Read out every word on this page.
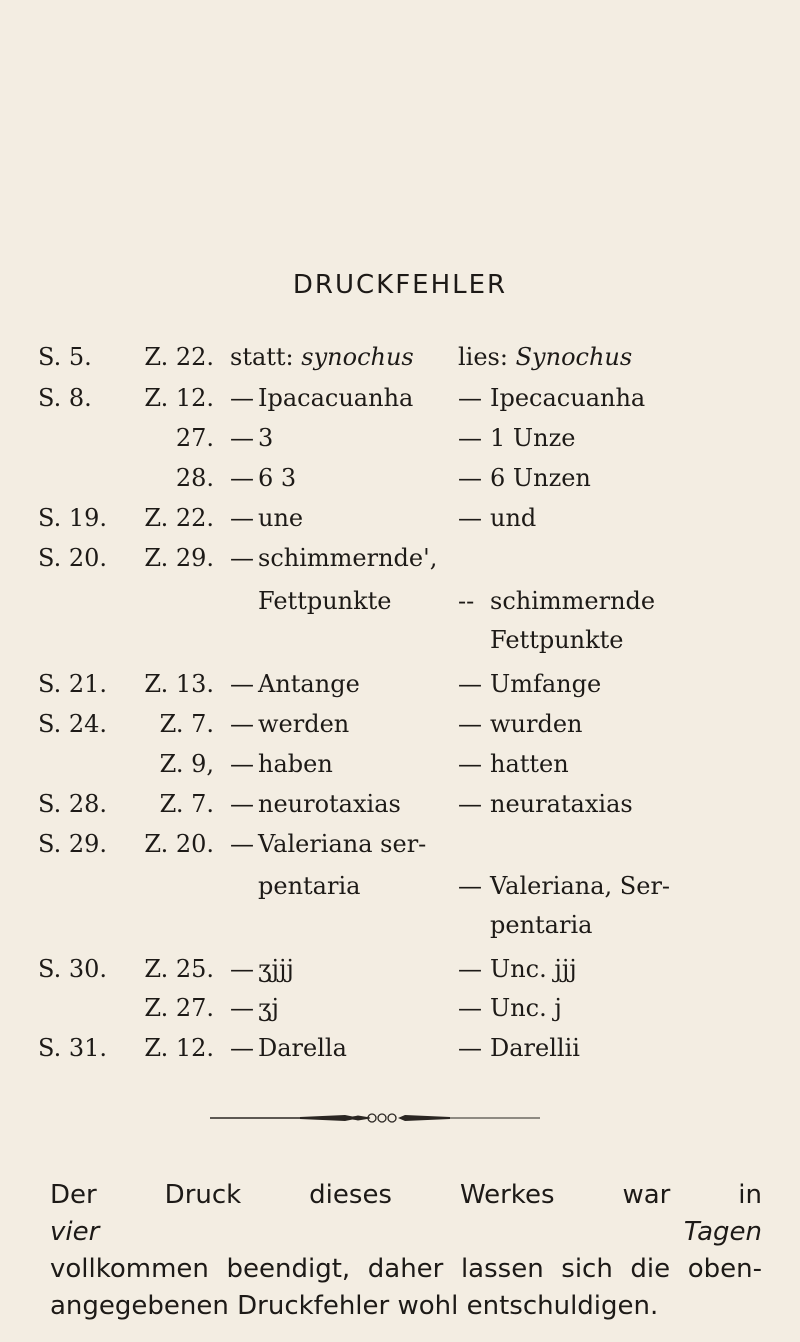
DRUCKFEHLER
S. 5.	Z. 22. statt: synochus lies: Synochus
S. 8.	Z. 12. — Ipacacuanha — Ipecacuanha
27. — 3	— 1 Unze
28. — 6 3	— 6 Unzen
S. 19.	Z. 22. — une	— und
S. 20.	Z. 29. — schimmernde',
Fettpunkte	-- schimmernde
Fettpunkte
S. 21.	Z. 13. — Antange	— Umfange
S. 24.	Z. 7. — werden	— wurden
Z. 9, — haben	— hatten
S. 28.	Z. 7. — neurotaxias — neurataxias
S. 29.	Z. 20. — Valeriana ser-
pentaria	— Valeriana, Ser-
pentaria
S. 30.	Z. 25. — ʒjjj	— Unc. jjj
Z. 27. — ʒj	— Unc. j
S. 31.	Z. 12. — Darella	— Darellii
Der Druck dieses Werkes war in
vier Tagen
vollkommen beendigt, daher lassen sich die oben-
angegebenen Druckfehler wohl entschuldigen.
